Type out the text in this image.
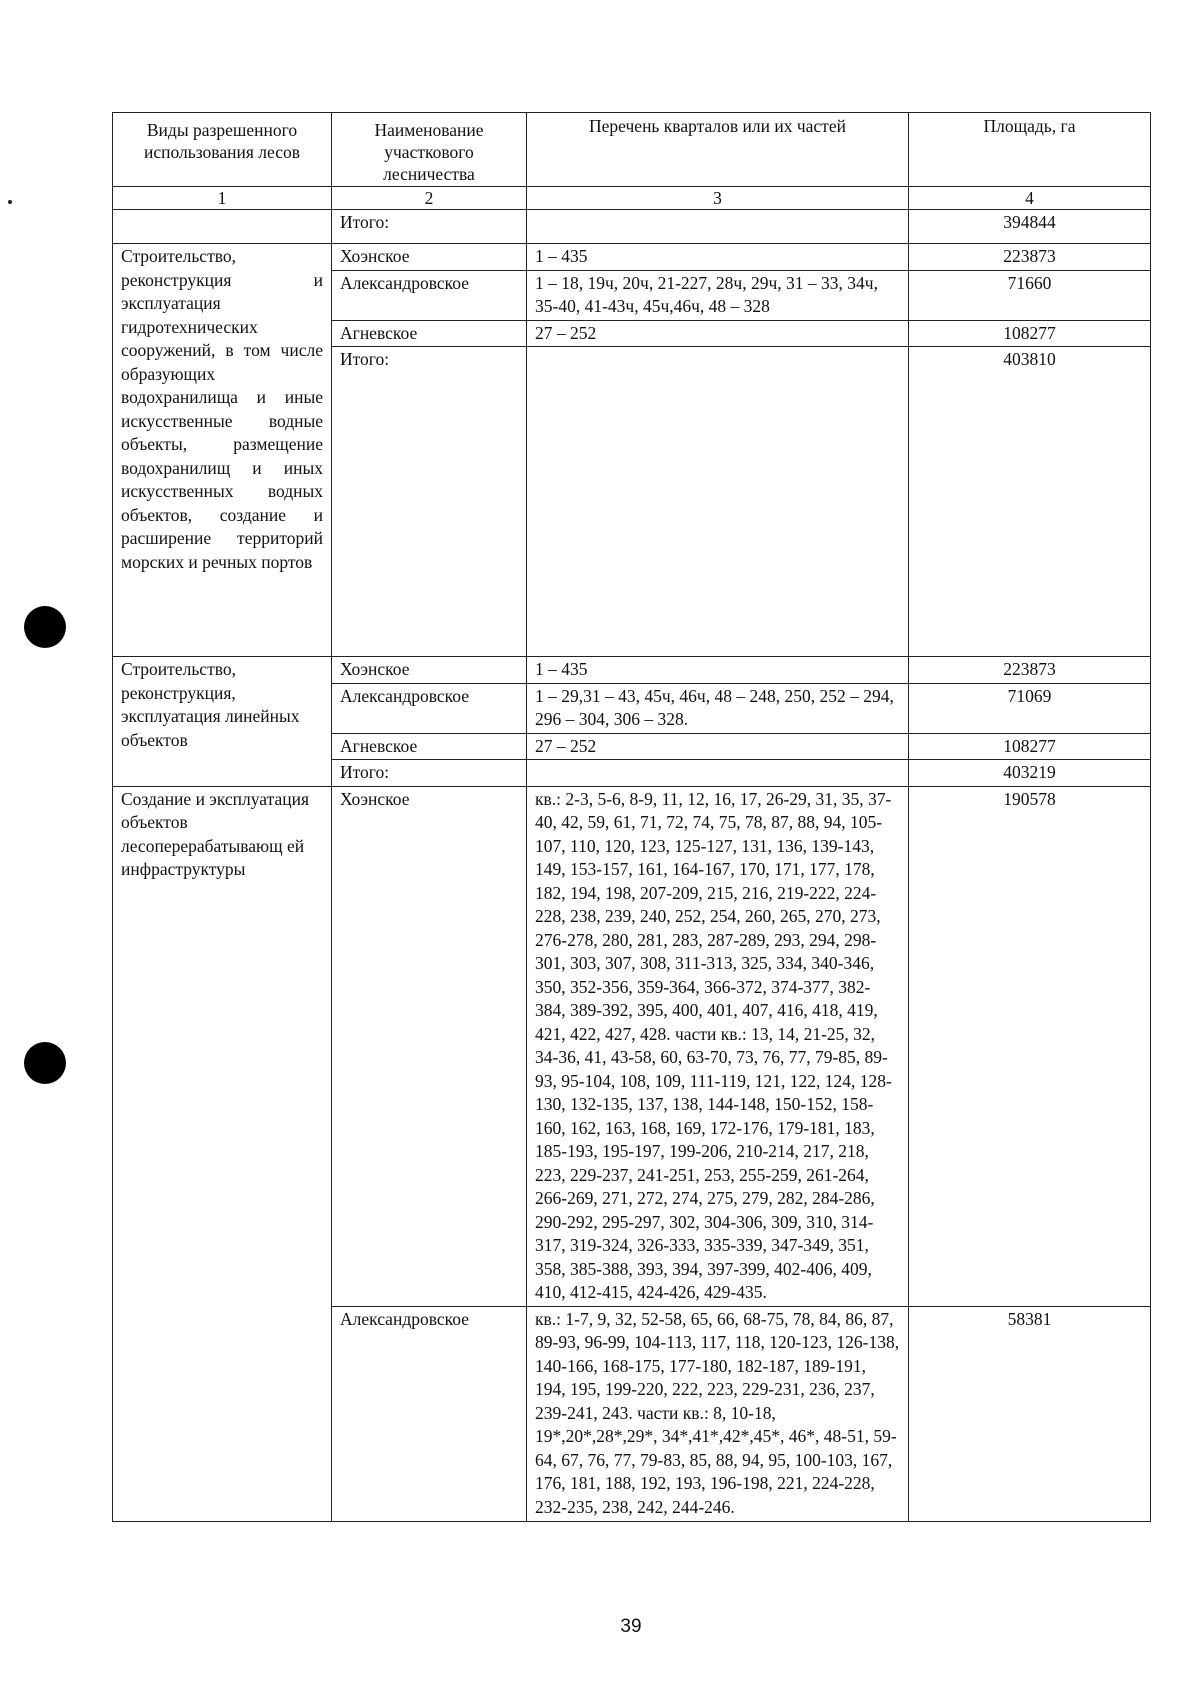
Виды разрешенного использования лесов	Наименование участкового лесничества	Перечень кварталов или их частей	Площадь, га
1	2	3	4
	Итого:		394844
Строительство, реконструкция и эксплуатация гидротехнических сооружений, в том числе образующих водохранилища и иные искусственные водные объекты, размещение водохранилищ и иных искусственных водных объектов, создание и расширение территорий морских и речных портов	Хоэнское	1 – 435	223873
	Александровское	1 – 18, 19ч, 20ч, 21-227, 28ч, 29ч, 31 – 33, 34ч, 35-40, 41-43ч, 45ч,46ч, 48 – 328	71660
	Агневское	27 – 252	108277
	Итого:		403810
Строительство, реконструкция, эксплуатация линейных объектов	Хоэнское	1 – 435	223873
	Александровское	1 – 29,31 – 43, 45ч, 46ч, 48 – 248, 250, 252 – 294, 296 – 304, 306 – 328.	71069
	Агневское	27 – 252	108277
	Итого:		403219
Создание и эксплуатация объектов лесоперерабатывающ ей инфраструктуры	Хоэнское	кв.: 2-3, 5-6, 8-9, 11, 12, 16, 17, 26-29, 31, 35, 37-40, 42, 59, 61, 71, 72, 74, 75, 78, 87, 88, 94, 105-107, 110, 120, 123, 125-127, 131, 136, 139-143, 149, 153-157, 161, 164-167, 170, 171, 177, 178, 182, 194, 198, 207-209, 215, 216, 219-222, 224-228, 238, 239, 240, 252, 254, 260, 265, 270, 273, 276-278, 280, 281, 283, 287-289, 293, 294, 298-301, 303, 307, 308, 311-313, 325, 334, 340-346, 350, 352-356, 359-364, 366-372, 374-377, 382-384, 389-392, 395, 400, 401, 407, 416, 418, 419, 421, 422, 427, 428. части кв.: 13, 14, 21-25, 32, 34-36, 41, 43-58, 60, 63-70, 73, 76, 77, 79-85, 89-93, 95-104, 108, 109, 111-119, 121, 122, 124, 128-130, 132-135, 137, 138, 144-148, 150-152, 158-160, 162, 163, 168, 169, 172-176, 179-181, 183, 185-193, 195-197, 199-206, 210-214, 217, 218, 223, 229-237, 241-251, 253, 255-259, 261-264, 266-269, 271, 272, 274, 275, 279, 282, 284-286, 290-292, 295-297, 302, 304-306, 309, 310, 314-317, 319-324, 326-333, 335-339, 347-349, 351, 358, 385-388, 393, 394, 397-399, 402-406, 409, 410, 412-415, 424-426, 429-435.	190578
	Александровское	кв.: 1-7, 9, 32, 52-58, 65, 66, 68-75, 78, 84, 86, 87, 89-93, 96-99, 104-113, 117, 118, 120-123, 126-138, 140-166, 168-175, 177-180, 182-187, 189-191, 194, 195, 199-220, 222, 223, 229-231, 236, 237, 239-241, 243. части кв.: 8, 10-18, 19*,20*,28*,29*, 34*,41*,42*,45*, 46*, 48-51, 59-64, 67, 76, 77, 79-83, 85, 88, 94, 95, 100-103, 167, 176, 181, 188, 192, 193, 196-198, 221, 224-228, 232-235, 238, 242, 244-246.	58381
39
